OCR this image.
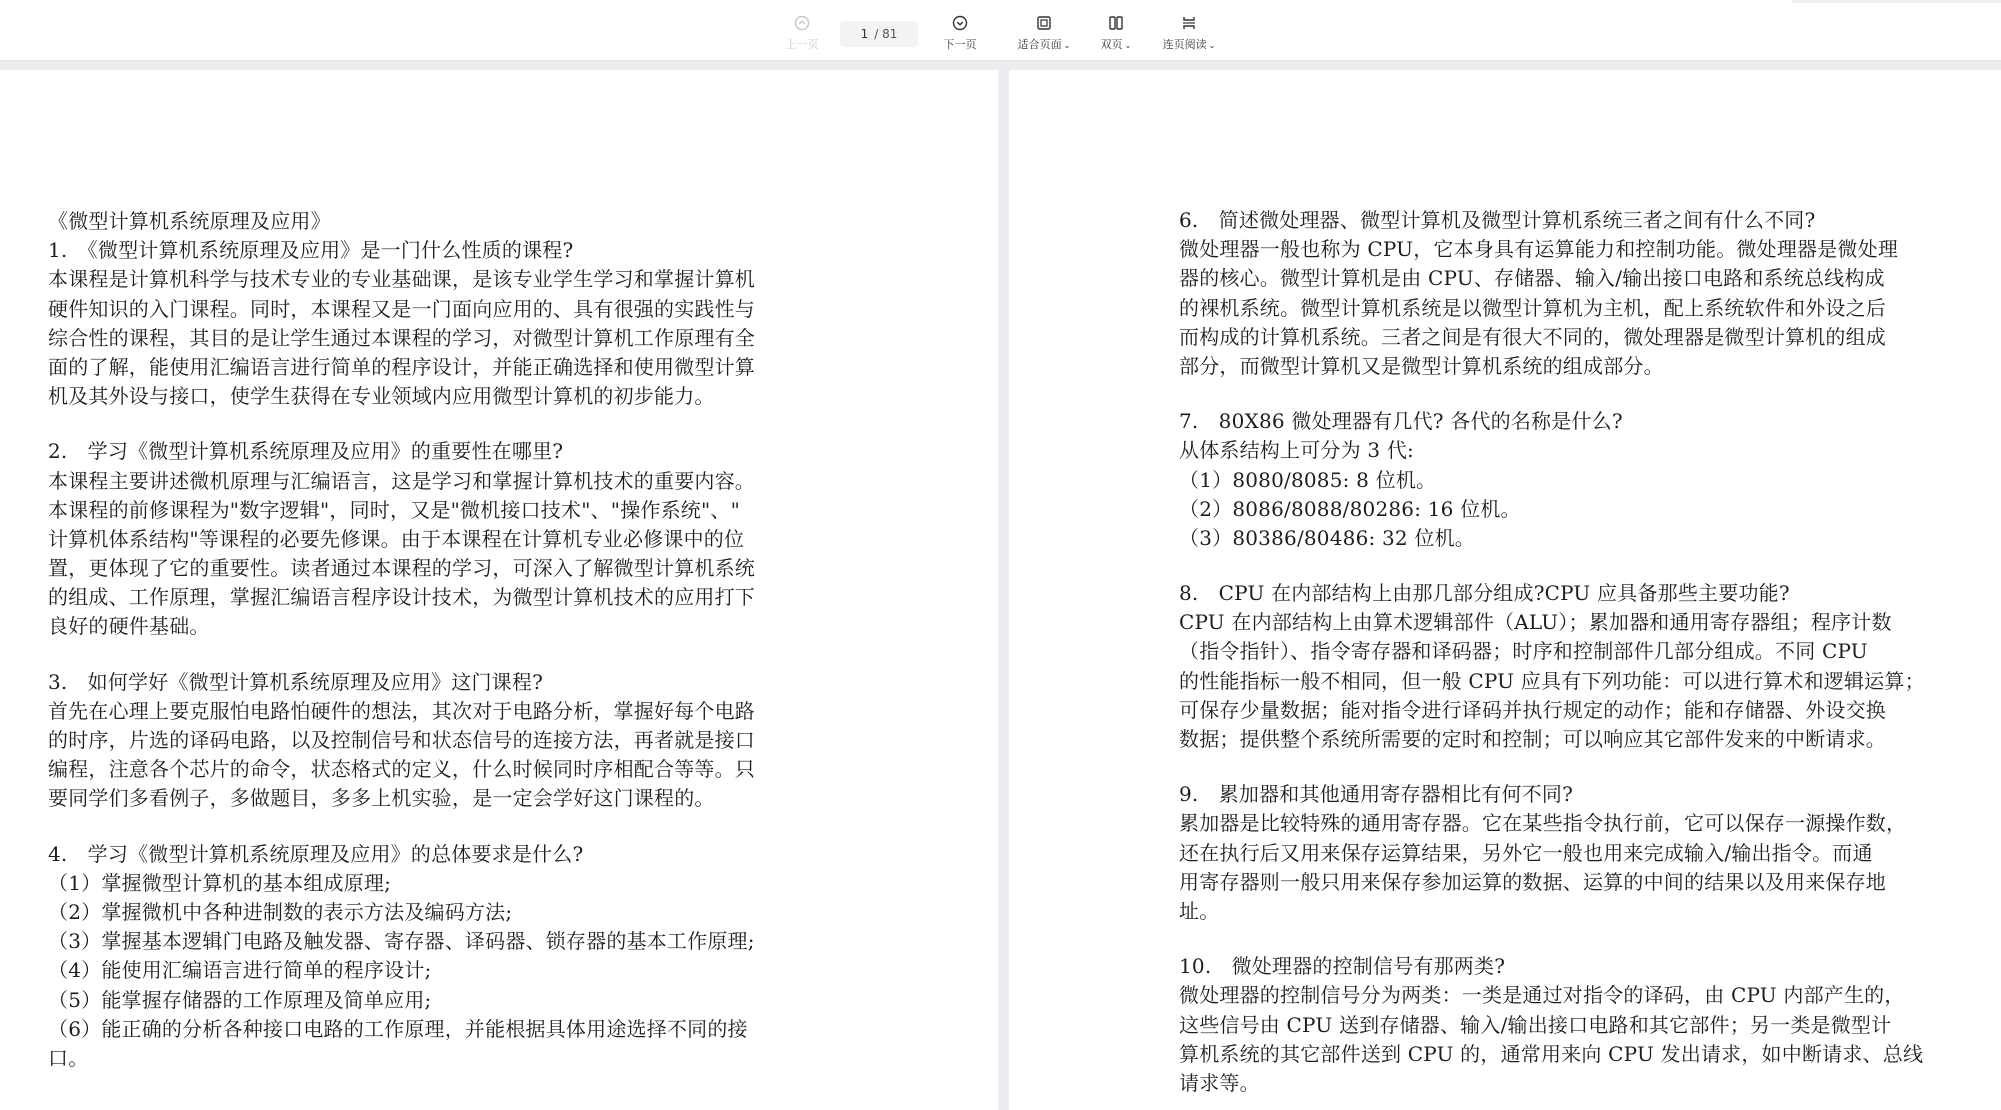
上一页
1 / 81
下一页	适合页面 ⌄	双页 ⌄	连页阅读 ⌄
《微型计算机系统原理及应用》
1.　《微型计算机系统原理及应用》是一门什么性质的课程?
本课程是计算机科学与技术专业的专业基础课，是该专业学生学习和掌握计算机
硬件知识的入门课程。同时，本课程又是一门面向应用的、具有很强的实践性与
综合性的课程，其目的是让学生通过本课程的学习，对微型计算机工作原理有全
面的了解，能使用汇编语言进行简单的程序设计，并能正确选择和使用微型计算
机及其外设与接口，使学生获得在专业领域内应用微型计算机的初步能力。
2.　学习《微型计算机系统原理及应用》的重要性在哪里?
本课程主要讲述微机原理与汇编语言，这是学习和掌握计算机技术的重要内容。
本课程的前修课程为"数字逻辑"，同时，又是"微机接口技术"、"操作系统"、"
计算机体系结构"等课程的必要先修课。由于本课程在计算机专业必修课中的位
置，更体现了它的重要性。读者通过本课程的学习，可深入了解微型计算机系统
的组成、工作原理，掌握汇编语言程序设计技术，为微型计算机技术的应用打下
良好的硬件基础。
3.　如何学好《微型计算机系统原理及应用》这门课程?
首先在心理上要克服怕电路怕硬件的想法，其次对于电路分析，掌握好每个电路
的时序，片选的译码电路，以及控制信号和状态信号的连接方法，再者就是接口
编程，注意各个芯片的命令，状态格式的定义，什么时候同时序相配合等等。只
要同学们多看例子，多做题目，多多上机实验，是一定会学好这门课程的。
4.　学习《微型计算机系统原理及应用》的总体要求是什么?
（1）掌握微型计算机的基本组成原理;
（2）掌握微机中各种进制数的表示方法及编码方法;
（3）掌握基本逻辑门电路及触发器、寄存器、译码器、锁存器的基本工作原理;
（4）能使用汇编语言进行简单的程序设计;
（5）能掌握存储器的工作原理及简单应用;
（6）能正确的分析各种接口电路的工作原理，并能根据具体用途选择不同的接
口。
6.　简述微处理器、微型计算机及微型计算机系统三者之间有什么不同?
微处理器一般也称为 CPU，它本身具有运算能力和控制功能。微处理器是微处理
器的核心。微型计算机是由 CPU、存储器、输入/输出接口电路和系统总线构成
的裸机系统。微型计算机系统是以微型计算机为主机，配上系统软件和外设之后
而构成的计算机系统。三者之间是有很大不同的，微处理器是微型计算机的组成
部分，而微型计算机又是微型计算机系统的组成部分。
7.　80X86 微处理器有几代? 各代的名称是什么?
从体系结构上可分为 3 代:
（1）8080/8085: 8 位机。
（2）8086/8088/80286: 16 位机。
（3）80386/80486: 32 位机。
8.　CPU 在内部结构上由那几部分组成?CPU 应具备那些主要功能?
CPU 在内部结构上由算术逻辑部件（ALU）；累加器和通用寄存器组；程序计数
（指令指针）、指令寄存器和译码器；时序和控制部件几部分组成。不同 CPU
的性能指标一般不相同，但一般 CPU 应具有下列功能：可以进行算术和逻辑运算；
可保存少量数据；能对指令进行译码并执行规定的动作；能和存储器、外设交换
数据；提供整个系统所需要的定时和控制；可以响应其它部件发来的中断请求。
9.　累加器和其他通用寄存器相比有何不同?
累加器是比较特殊的通用寄存器。它在某些指令执行前，它可以保存一源操作数，
还在执行后又用来保存运算结果，另外它一般也用来完成输入/输出指令。而通
用寄存器则一般只用来保存参加运算的数据、运算的中间的结果以及用来保存地
址。
10.　微处理器的控制信号有那两类?
微处理器的控制信号分为两类：一类是通过对指令的译码，由 CPU 内部产生的，
这些信号由 CPU 送到存储器、输入/输出接口电路和其它部件；另一类是微型计
算机系统的其它部件送到 CPU 的，通常用来向 CPU 发出请求，如中断请求、总线
请求等。
